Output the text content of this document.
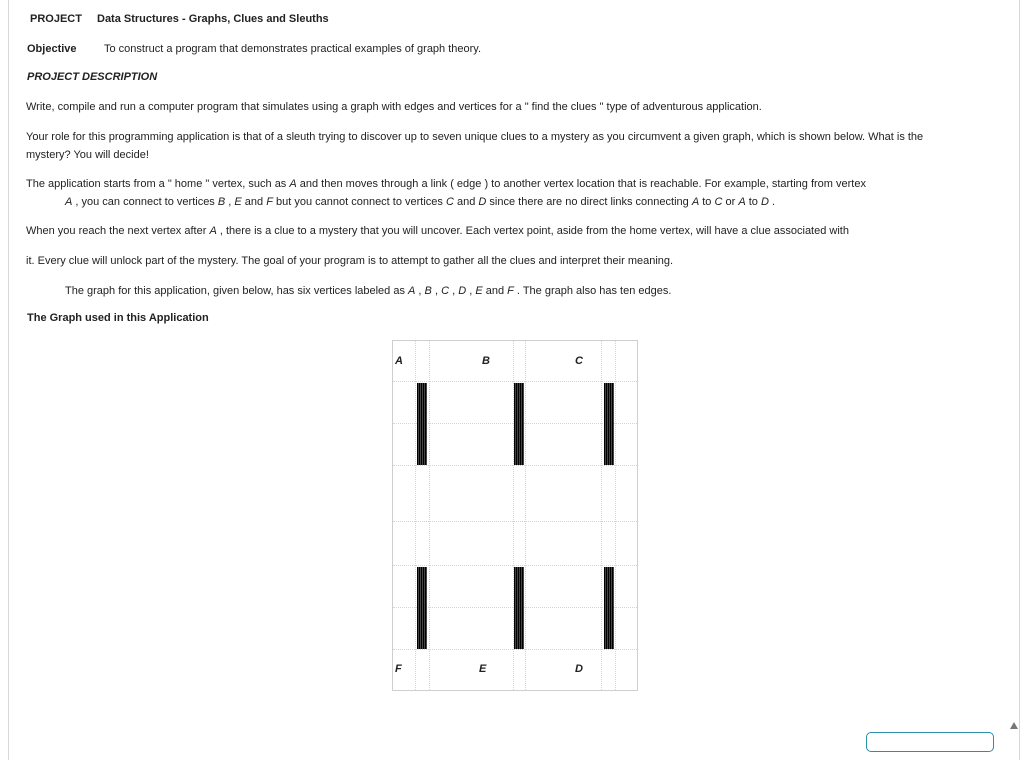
PROJECT Data Structures - Graphs, Clues and Sleuths
Objective To construct a program that demonstrates practical examples of graph theory.
PROJECT DESCRIPTION
Write, compile and run a computer program that simulates using a graph with edges and vertices for a " find the clues " type of adventurous application.
Your role for this programming application is that of a sleuth trying to discover up to seven unique clues to a mystery as you circumvent a given graph, which is shown below. What is the
mystery? You will decide!
The application starts from a " home " vertex, such as A and then moves through a link ( edge ) to another vertex location that is reachable. For example, starting from vertex
A , you can connect to vertices B , E and F but you cannot connect to vertices C and D since there are no direct links connecting A to C or A to D .
When you reach the next vertex after A , there is a clue to a mystery that you will uncover. Each vertex point, aside from the home vertex, will have a clue associated with
it. Every clue will unlock part of the mystery. The goal of your program is to attempt to gather all the clues and interpret their meaning.
The graph for this application, given below, has six vertices labeled as A , B , C , D , E and F . The graph also has ten edges.
The Graph used in this Application
A	B	C
F	E	D
